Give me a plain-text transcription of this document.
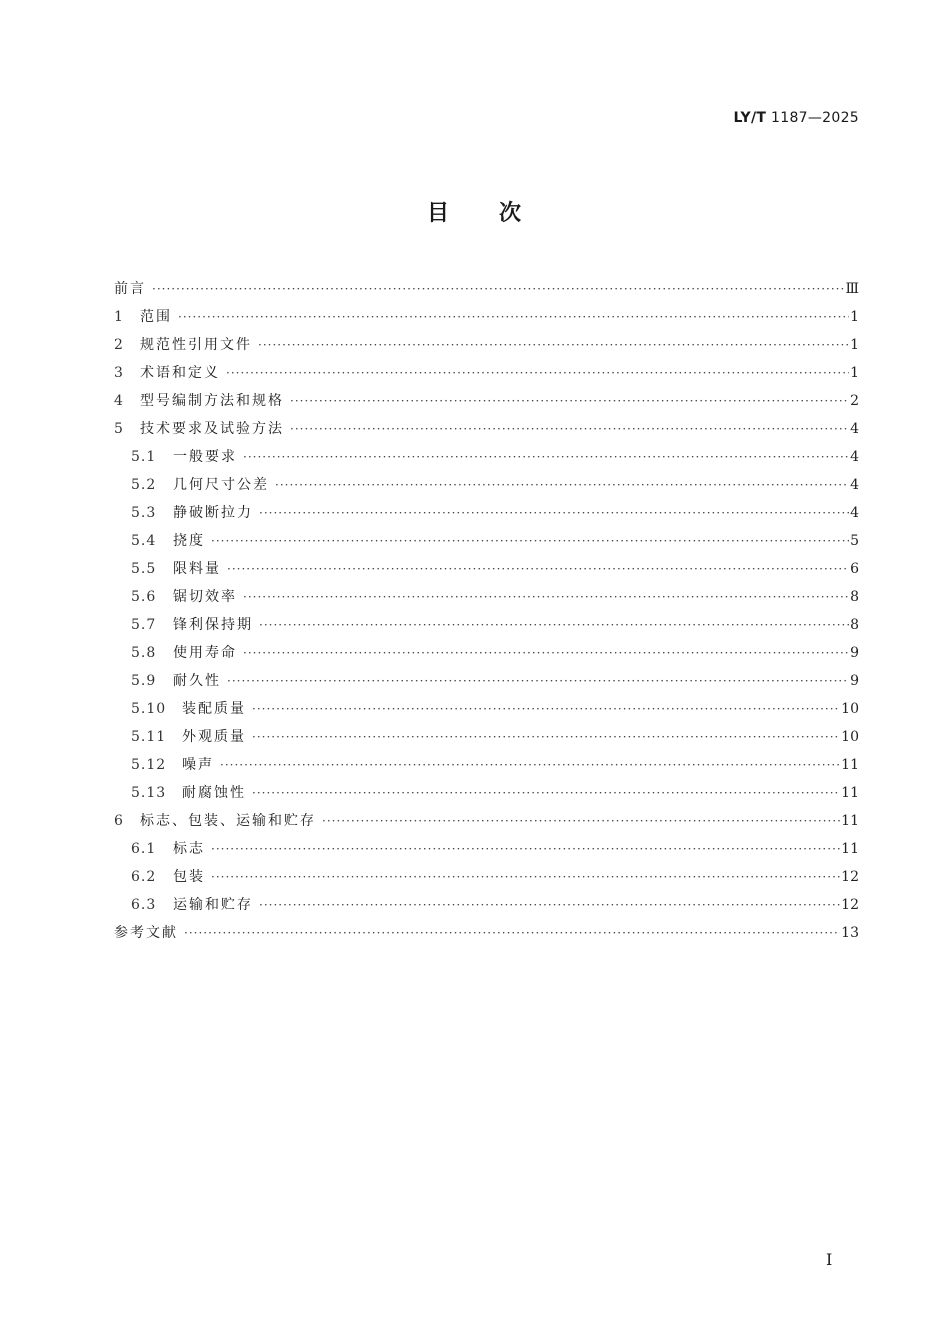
LY/T 1187—2025
目 次
前言 ·····	Ⅲ
1	范围 ·····	1
2	规范性引用文件 ·····	1
3	术语和定义 ·····	1
4	型号编制方法和规格 ·····	2
5	技术要求及试验方法 ·····	4
5.1	一般要求 ·····	4
5.2	几何尺寸公差 ·····	4
5.3	静破断拉力 ·····	4
5.4	挠度 ·····	5
5.5	限料量 ·····	6
5.6	锯切效率 ·····	8
5.7	锋利保持期 ·····	8
5.8	使用寿命 ·····	9
5.9	耐久性 ·····	9
5.10	装配质量 ·····	10
5.11	外观质量 ·····	10
5.12	噪声 ·····	11
5.13	耐腐蚀性 ·····	11
6	标志、包装、运输和贮存 ·····	11
6.1	标志 ·····	11
6.2	包装 ·····	12
6.3	运输和贮存 ·····	12
参考文献 ·····	13
I
